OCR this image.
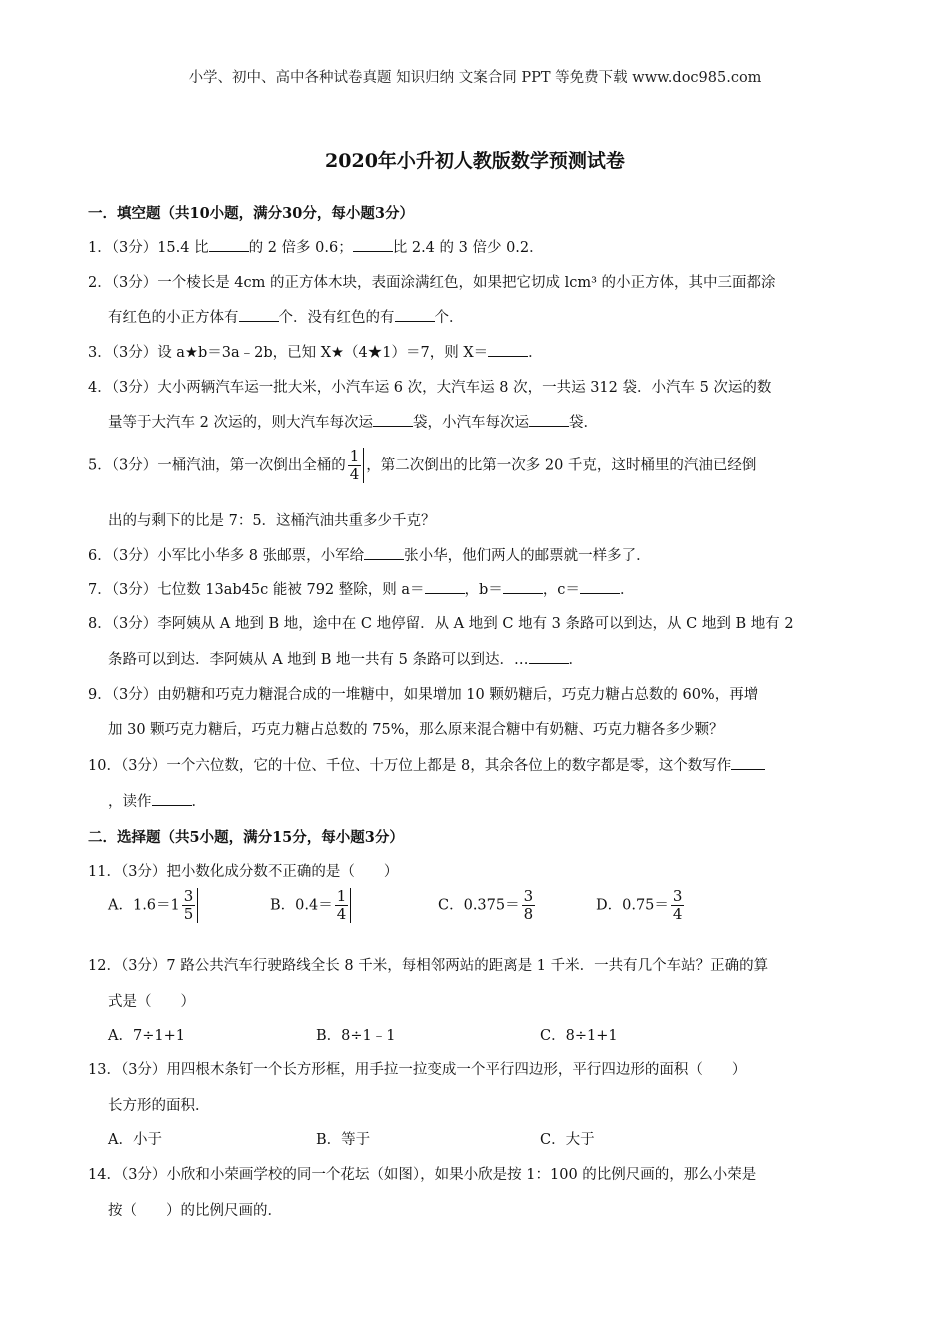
小学、初中、高中各种试卷真题 知识归纳 文案合同 PPT 等免费下载 www.doc985.com
2020年小升初人教版数学预测试卷
一．填空题（共10小题，满分30分，每小题3分）
1．（3分）15.4 比	的 2 倍多 0.6；	比 2.4 的 3 倍少 0.2．
2．（3分）一个棱长是 4cm 的正方体木块，表面涂满红色，如果把它切成 lcm³ 的小正方体，其中三面都涂
有红色的小正方体有	个．没有红色的有	个．
3．（3分）设 a★b＝3a﹣2b，已知 X★（4★1）＝7，则 X＝	．
4．（3分）大小两辆汽车运一批大米，小汽车运 6 次，大汽车运 8 次，一共运 312 袋．小汽车 5 次运的数
量等于大汽车 2 次运的，则大汽车每次运	袋，小汽车每次运	袋．
5．（3分）一桶汽油，第一次倒出全桶的 $\frac{1}{4}$ ，第二次倒出的比第一次多 20 千克，这时桶里的汽油已经倒
出的与剩下的比是 7：5．这桶汽油共重多少千克？
6．（3分）小军比小华多 8 张邮票，小军给	张小华，他们两人的邮票就一样多了．
7．（3分）七位数 13ab45c 能被 792 整除，则 a＝	，b＝	，c＝	．
8．（3分）李阿姨从 A 地到 B 地，途中在 C 地停留．从 A 地到 C 地有 3 条路可以到达，从 C 地到 B 地有 2
条路可以到达．李阿姨从 A 地到 B 地一共有 5 条路可以到达．…	．
9．（3分）由奶糖和巧克力糖混合成的一堆糖中，如果增加 10 颗奶糖后，巧克力糖占总数的 60%，再增
加 30 颗巧克力糖后，巧克力糖占总数的 75%，那么原来混合糖中有奶糖、巧克力糖各多少颗？
10．（3分）一个六位数，它的十位、千位、十万位上都是 8，其余各位上的数字都是零，这个数写作
，读作	．
二．选择题（共5小题，满分15分，每小题3分）
11．（3分）把小数化成分数不正确的是（　　）
A．$1.6=1 \frac{3}{5}$	B．$0.4= \frac{1}{4}$	C．$0.375= \frac{3}{8}$	D．$0.75= \frac{3}{4}$
12．（3分）7 路公共汽车行驶路线全长 8 千米，每相邻两站的距离是 1 千米．一共有几个车站？正确的算
式是（　　）
A．7÷1+1	B．8÷1﹣1	C．8÷1+1
13．（3分）用四根木条钉一个长方形框，用手拉一拉变成一个平行四边形，平行四边形的面积（　　）
长方形的面积．
A．小于	B．等于	C．大于
14．（3分）小欣和小荣画学校的同一个花坛（如图），如果小欣是按 1：100 的比例尺画的，那么小荣是
按（　　）的比例尺画的．
